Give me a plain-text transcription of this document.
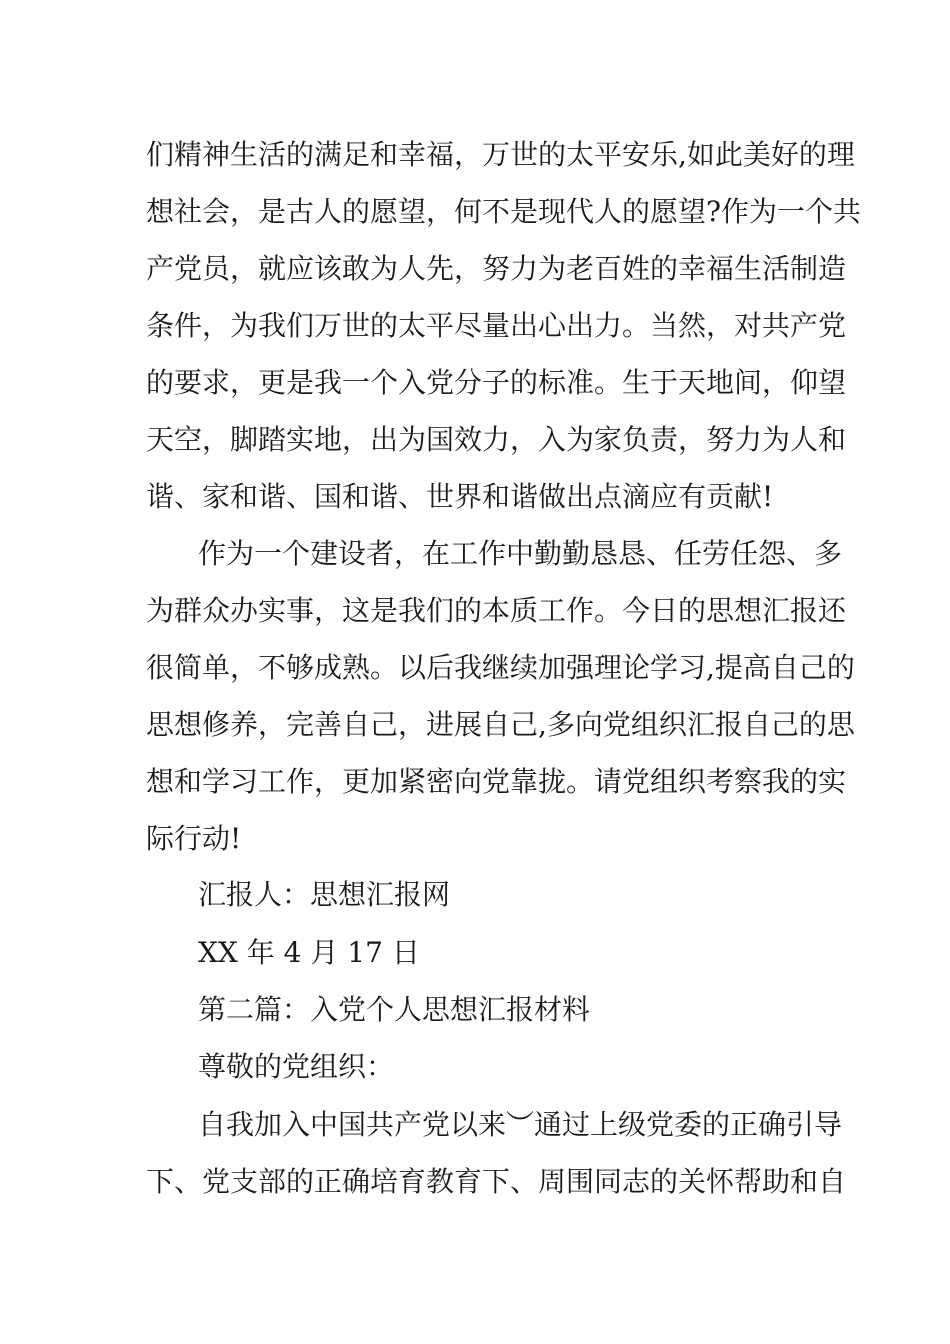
们精神生活的满足和幸福，万世的太平安乐,如此美好的理
想社会，是古人的愿望，何不是现代人的愿望?作为一个共
产党员，就应该敢为人先，努力为老百姓的幸福生活制造
条件，为我们万世的太平尽量出心出力。当然，对共产党
的要求，更是我一个入党分子的标准。生于天地间，仰望
天空，脚踏实地，出为国效力，入为家负责，努力为人和
谐、家和谐、国和谐、世界和谐做出点滴应有贡献!
作为一个建设者，在工作中勤勤恳恳、任劳任怨、多
为群众办实事，这是我们的本质工作。今日的思想汇报还
很简单，不够成熟。以后我继续加强理论学习,提高自己的
思想修养，完善自己，进展自己,多向党组织汇报自己的思
想和学习工作，更加紧密向党靠拢。请党组织考察我的实
际行动!
汇报人：思想汇报网
XX 年 4 月 17 日
第二篇：入党个人思想汇报材料
尊敬的党组织：
自我加入中国共产党以来︶通过上级党委的正确引导
下、党支部的正确培育教育下、周围同志的关怀帮助和自
